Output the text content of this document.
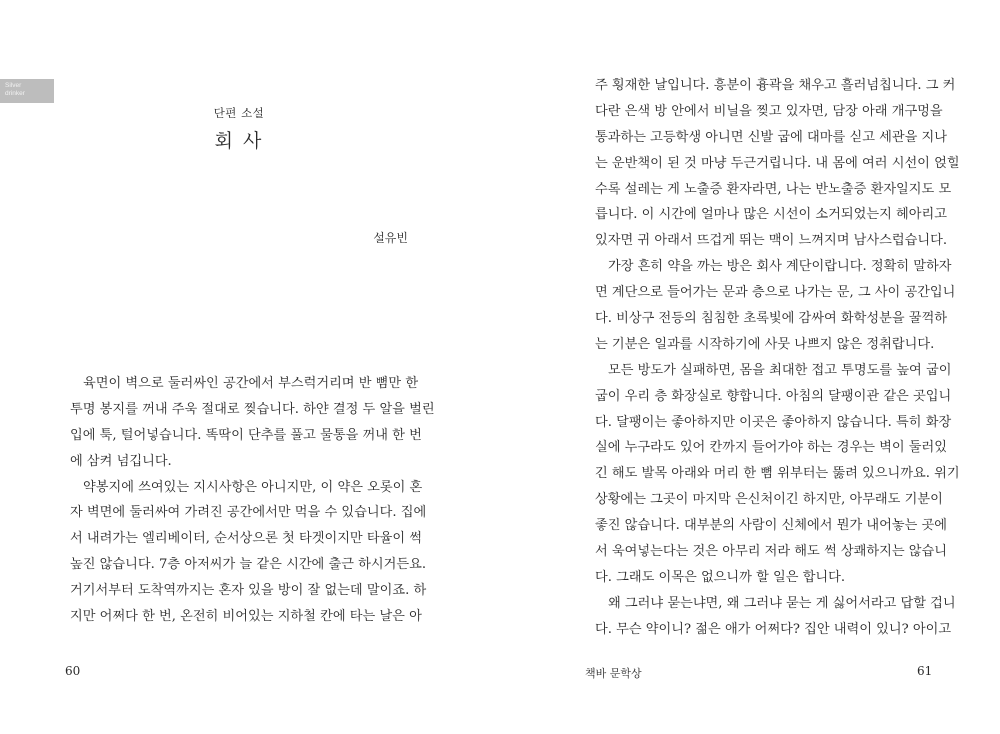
Silver
drinker
단편 소설
회 사
설유빈
육면이 벽으로 둘러싸인 공간에서 부스럭거리며 반 뼘만 한
투명 봉지를 꺼내 주욱 절대로 찢습니다. 하얀 결정 두 알을 벌린
입에 툭, 털어넣습니다. 똑딱이 단추를 풀고 물통을 꺼내 한 번
에 삼켜 넘깁니다.
약봉지에 쓰여있는 지시사항은 아니지만, 이 약은 오롯이 혼
자 벽면에 둘러싸여 가려진 공간에서만 먹을 수 있습니다. 집에
서 내려가는 엘리베이터, 순서상으론 첫 타겟이지만 타율이 썩
높진 않습니다. 7층 아저씨가 늘 같은 시간에 출근 하시거든요.
거기서부터 도착역까지는 혼자 있을 방이 잘 없는데 말이죠. 하
지만 어쩌다 한 번, 온전히 비어있는 지하철 칸에 타는 날은 아
60
주 횡재한 날입니다. 흥분이 흉곽을 채우고 흘러넘칩니다. 그 커
다란 은색 방 안에서 비닐을 찢고 있자면, 담장 아래 개구멍을
통과하는 고등학생 아니면 신발 굽에 대마를 싣고 세관을 지나
는 운반책이 된 것 마냥 두근거립니다. 내 몸에 여러 시선이 얹힐
수록 설레는 게 노출증 환자라면, 나는 반노출증 환자일지도 모
릅니다. 이 시간에 얼마나 많은 시선이 소거되었는지 헤아리고
있자면 귀 아래서 뜨겁게 뛰는 맥이 느껴지며 남사스럽습니다.
가장 흔히 약을 까는 방은 회사 계단이랍니다. 정확히 말하자
면 계단으로 들어가는 문과 층으로 나가는 문, 그 사이 공간입니
다. 비상구 전등의 침침한 초록빛에 감싸여 화학성분을 꿀꺽하
는 기분은 일과를 시작하기에 사뭇 나쁘지 않은 정취랍니다.
모든 방도가 실패하면, 몸을 최대한 접고 투명도를 높여 굽이
굽이 우리 층 화장실로 향합니다. 아침의 달팽이관 같은 곳입니
다. 달팽이는 좋아하지만 이곳은 좋아하지 않습니다. 특히 화장
실에 누구라도 있어 칸까지 들어가야 하는 경우는 벽이 둘러있
긴 해도 발목 아래와 머리 한 뼘 위부터는 뚫려 있으니까요. 위기
상황에는 그곳이 마지막 은신처이긴 하지만, 아무래도 기분이
좋진 않습니다. 대부분의 사람이 신체에서 뭔가 내어놓는 곳에
서 욱여넣는다는 것은 아무리 저라 해도 썩 상쾌하지는 않습니
다. 그래도 이목은 없으니까 할 일은 합니다.
왜 그러냐 묻는냐면, 왜 그러냐 묻는 게 싫어서라고 답할 겁니
다. 무슨 약이니? 젊은 애가 어쩌다? 집안 내력이 있니? 아이고
책바 문학상	61
